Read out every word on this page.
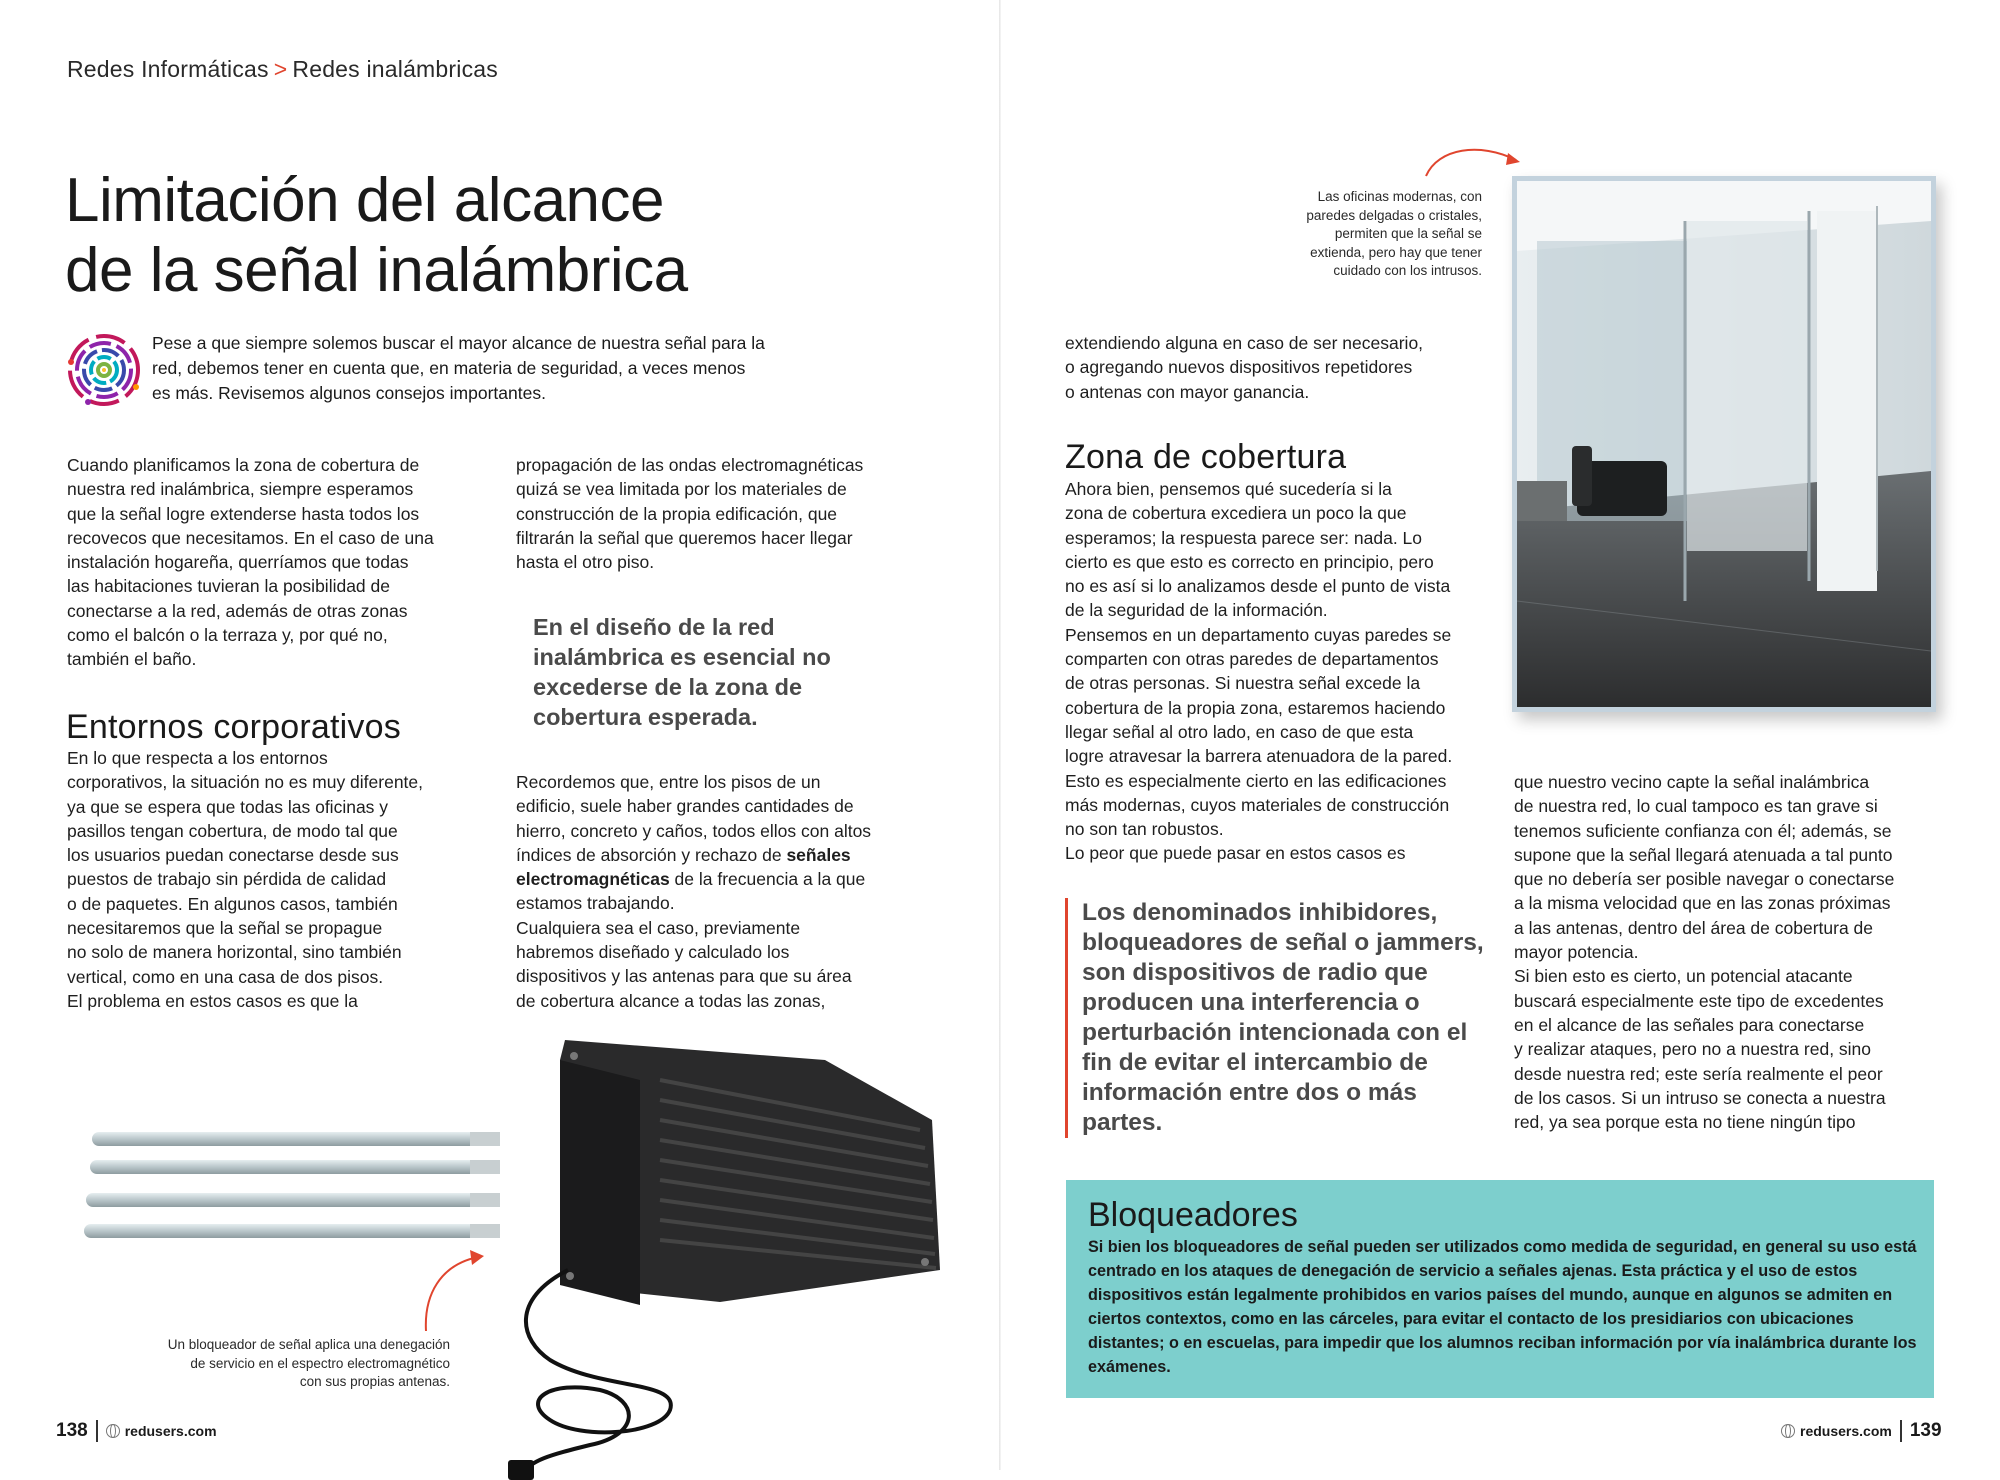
Redes Informáticas > Redes inalámbricas
Limitación del alcance
de la señal inalámbrica
Pese a que siempre solemos buscar el mayor alcance de nuestra señal para la red, debemos tener en cuenta que, en materia de seguridad, a veces menos es más. Revisemos algunos consejos importantes.
Cuando planificamos la zona de cobertura de
nuestra red inalámbrica, siempre esperamos
que la señal logre extenderse hasta todos los
recovecos que necesitamos. En el caso de una
instalación hogareña, querríamos que todas
las habitaciones tuvieran la posibilidad de
conectarse a la red, además de otras zonas
como el balcón o la terraza y, por qué no,
también el baño.
Entornos corporativos
En lo que respecta a los entornos
corporativos, la situación no es muy diferente,
ya que se espera que todas las oficinas y
pasillos tengan cobertura, de modo tal que
los usuarios puedan conectarse desde sus
puestos de trabajo sin pérdida de calidad
o de paquetes. En algunos casos, también
necesitaremos que la señal se propague
no solo de manera horizontal, sino también
vertical, como en una casa de dos pisos.
El problema en estos casos es que la
propagación de las ondas electromagnéticas
quizá se vea limitada por los materiales de
construcción de la propia edificación, que
filtrarán la señal que queremos hacer llegar
hasta el otro piso.
En el diseño de la red inalámbrica es esencial no excederse de la zona de cobertura esperada.
Recordemos que, entre los pisos de un
edificio, suele haber grandes cantidades de
hierro, concreto y caños, todos ellos con altos
índices de absorción y rechazo de señales
electromagnéticas de la frecuencia a la que
estamos trabajando.
Cualquiera sea el caso, previamente
habremos diseñado y calculado los
dispositivos y las antenas para que su área
de cobertura alcance a todas las zonas,
extendiendo alguna en caso de ser necesario,
o agregando nuevos dispositivos repetidores
o antenas con mayor ganancia.
Zona de cobertura
Ahora bien, pensemos qué sucedería si la
zona de cobertura excediera un poco la que
esperamos; la respuesta parece ser: nada. Lo
cierto es que esto es correcto en principio, pero
no es así si lo analizamos desde el punto de vista
de la seguridad de la información.
Pensemos en un departamento cuyas paredes se
comparten con otras paredes de departamentos
de otras personas. Si nuestra señal excede la
cobertura de la propia zona, estaremos haciendo
llegar señal al otro lado, en caso de que esta
logre atravesar la barrera atenuadora de la pared.
Esto es especialmente cierto en las edificaciones
más modernas, cuyos materiales de construcción
no son tan robustos.
Lo peor que puede pasar en estos casos es
Los denominados inhibidores, bloqueadores de señal o jammers, son dispositivos de radio que producen una interferencia o perturbación intencionada con el fin de evitar el intercambio de información entre dos o más partes.
que nuestro vecino capte la señal inalámbrica
de nuestra red, lo cual tampoco es tan grave si
tenemos suficiente confianza con él; además, se
supone que la señal llegará atenuada a tal punto
que no debería ser posible navegar o conectarse
a la misma velocidad que en las zonas próximas
a las antenas, dentro del área de cobertura de
mayor potencia.
Si bien esto es cierto, un potencial atacante
buscará especialmente este tipo de excedentes
en el alcance de las señales para conectarse
y realizar ataques, pero no a nuestra red, sino
desde nuestra red; este sería realmente el peor
de los casos. Si un intruso se conecta a nuestra
red, ya sea porque esta no tiene ningún tipo
Las oficinas modernas, con
paredes delgadas o cristales,
permiten que la señal se
extienda, pero hay que tener
cuidado con los intrusos.
Un bloqueador de señal aplica una denegación
de servicio en el espectro electromagnético
con sus propias antenas.
Bloqueadores
Si bien los bloqueadores de señal pueden ser utilizados como medida de seguridad, en general su uso está centrado en los ataques de denegación de servicio a señales ajenas. Esta práctica y el uso de estos dispositivos están legalmente prohibidos en varios países del mundo, aunque en algunos se admiten en ciertos contextos, como en las cárceles, para evitar el contacto de los presidiarios con ubicaciones distantes; o en escuelas, para impedir que los alumnos reciban información por vía inalámbrica durante los exámenes.
138	redusers.com	redusers.com 139
